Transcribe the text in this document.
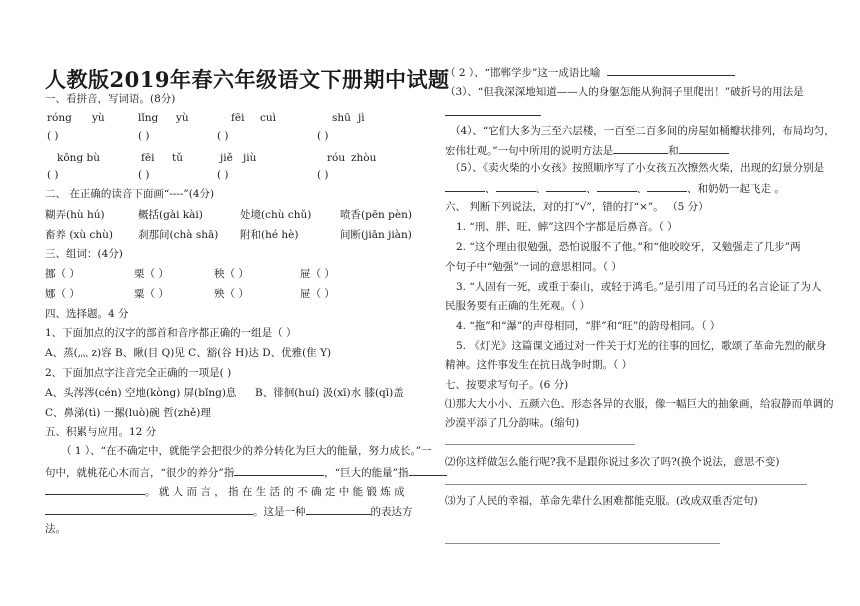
人教版2019年春六年级语文下册期中试题
一、看拼音，写词语。(8分)
róng yù	lǐng yù	fēi cuì	shū jì
( )	( )	( )	( )
kōng bù	fēi tǔ	jiě jiù	róu zhòu
( )	( )	( )	( )
二、 在正确的读音下面画“----”(4分)
糊弄(hù hú)	概括(gài kài)	处境(chù chǔ)	喷香(pēn pèn)
畜养 (xù chù) 刹那间(chà shā) 附和(hé hè)	间断(jiān jiàn)
三、组词：(4分)
挪（ ）	栗（ ）	秧（ ）	屉（ ）
娜（ ）	粟（ ）	殃（ ）	屉（ ）
四、选择题。4 分
1、下面加点的汉字的部首和音序都正确的一组是（ ）
A、蒸(灬 z)容 B、瞅(目 Q)见 C、豁(谷 H)达 D、优雅(隹 Y)
2、下面加点字注音完全正确的一项是( )
A、头涔涔(cén) 空地(kòng) 屏(bǐng)息 B、徘徊(huí) 汲(xī)水 膝(qī)盖
C、鼻涕(tì) 一摞(luò)碗 哲(zhě)理
五、积累与应用。12 分
（ 1 ）、“在不确定中，就能学会把很少的养分转化为巨大的能量，努力成长。”一
句中，就桃花心木而言，“很少的养分”指	，“巨大的能量”指
。 就 人 而 言 ， 指 在 生 活 的 不 确 定 中 能 锻 炼 成
。这是一种	的表达方
法。
（ 2 ）、“邯郸学步”这一成语比喻
（3）、“但我深深地知道——人的身躯怎能从狗洞子里爬出！”破折号的用法是
（4）、“它们大多为三至六层楼，一百至二百多间的房屋如桶瓣状排列，布局均匀，
宏伟壮观。”一句中所用的说明方法是	和
（5）、《卖火柴的小女孩》按照顺序写了小女孩五次擦然火柴，出现的幻景分别是
、	、	、	、	、和奶奶一起飞走 。
六、 判断下列说法，对的打“√”，错的打“×”。 （5 分）
1. “刑、胖、旺、蟀”这四个字都是后鼻音。（ ）
2. “这个理由很勉强，恐怕说服不了他。”和“他咬咬牙，又勉强走了几步”两
个句子中“勉强”一词的意思相同。（ ）
3. “人固有一死，或重于泰山，或轻于鸿毛。”是引用了司马迁的名言论证了为人
民服务要有正确的生死观。（ ）
4. “拖”和“瀑”的声母相同，“胖”和“旺”的韵母相同。（ ）
5. 《灯光》这篇课文通过对一件关于灯光的往事的回忆，歌颂了革命先烈的献身
精神。这件事发生在抗日战争时期。（ ）
七、按要求写句子。(6 分)
⑴那大大小小、五颜六色、形态各异的衣服，像一幅巨大的抽象画，给寂静而单调的
沙漠平添了几分韵味。(缩句)
⑵你这样做怎么能行呢?我不是跟你说过多次了吗?(换个说法，意思不变)
⑶为了人民的幸福，革命先辈什么困难都能克服。(改成双重否定句)
